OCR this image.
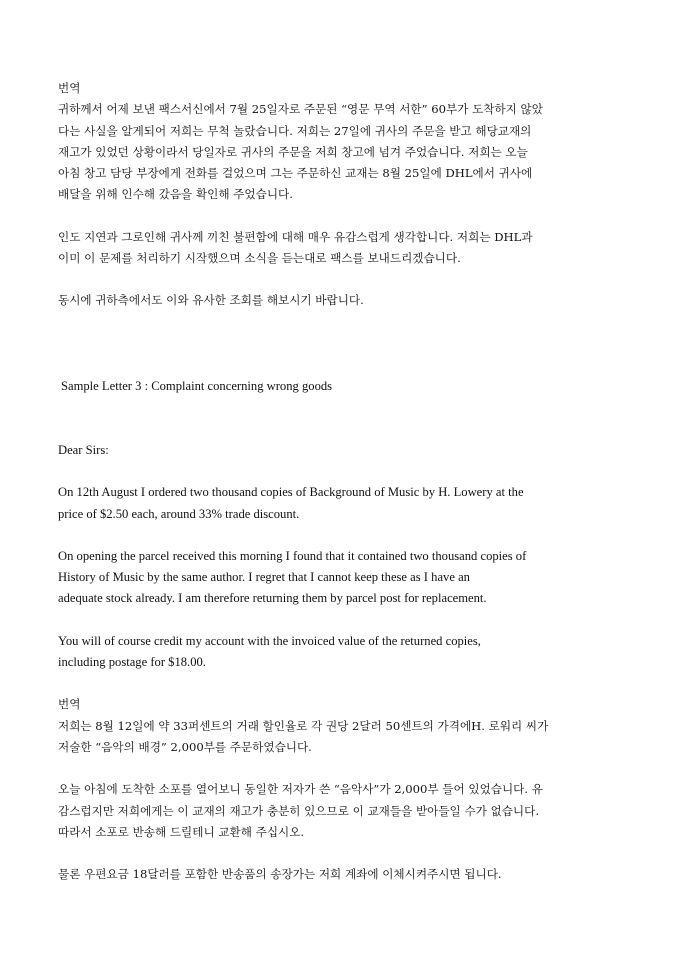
번역

귀하께서 어제 보낸 팩스서신에서 7월 25일자로 주문된 “영문 무역 서한” 60부가 도착하지 않았
다는 사실을 알게되어 저희는 무척 놀랐습니다. 저희는 27일에 귀사의 주문을 받고 해당교재의
재고가 있었던 상황이라서 당일자로 귀사의 주문을 저희 창고에 넘겨 주었습니다. 저희는 오늘
아침 창고 담당 부장에게 전화를 걸었으며 그는 주문하신 교재는 8월 25일에 DHL에서 귀사에
배달을 위해 인수해 갔음을 확인해 주었습니다.

인도 지연과 그로인해 귀사께 끼친 불편함에 대해 매우 유감스럽게 생각합니다. 저희는 DHL과
이미 이 문제를 처리하기 시작했으며 소식을 듣는대로 팩스를 보내드리겠습니다.

동시에 귀하측에서도 이와 유사한 조회를 해보시기 바랍니다.

Sample Letter 3 : Complaint concerning wrong goods

Dear Sirs:

On 12th August I ordered two thousand copies of Background of Music by H. Lowery at the
price of $2.50 each, around 33% trade discount.

On opening the parcel received this morning I found that it contained two thousand copies of
History of Music by the same author. I regret that I cannot keep these as I have an
adequate stock already. I am therefore returning them by parcel post for replacement.

You will of course credit my account with the invoiced value of the returned copies,
including postage for $18.00.

번역

저희는 8월 12일에 약 33퍼센트의 거래 할인율로 각 권당 2달러 50센트의 가격에H. 로워리 씨가
저술한 “음악의 배경” 2,000부를 주문하였습니다.

오늘 아침에 도착한 소포를 열어보니 동일한 저자가 쓴 “음악사”가 2,000부 들어 있었습니다. 유
감스럽지만 저희에게는 이 교재의 재고가 충분히 있으므로 이 교재들을 받아들일 수가 없습니다.
따라서 소포로 반송해 드릴테니 교환해 주십시오.

물론 우편요금 18달러를 포함한 반송품의 송장가는 저희 계좌에 이체시켜주시면 됩니다.
